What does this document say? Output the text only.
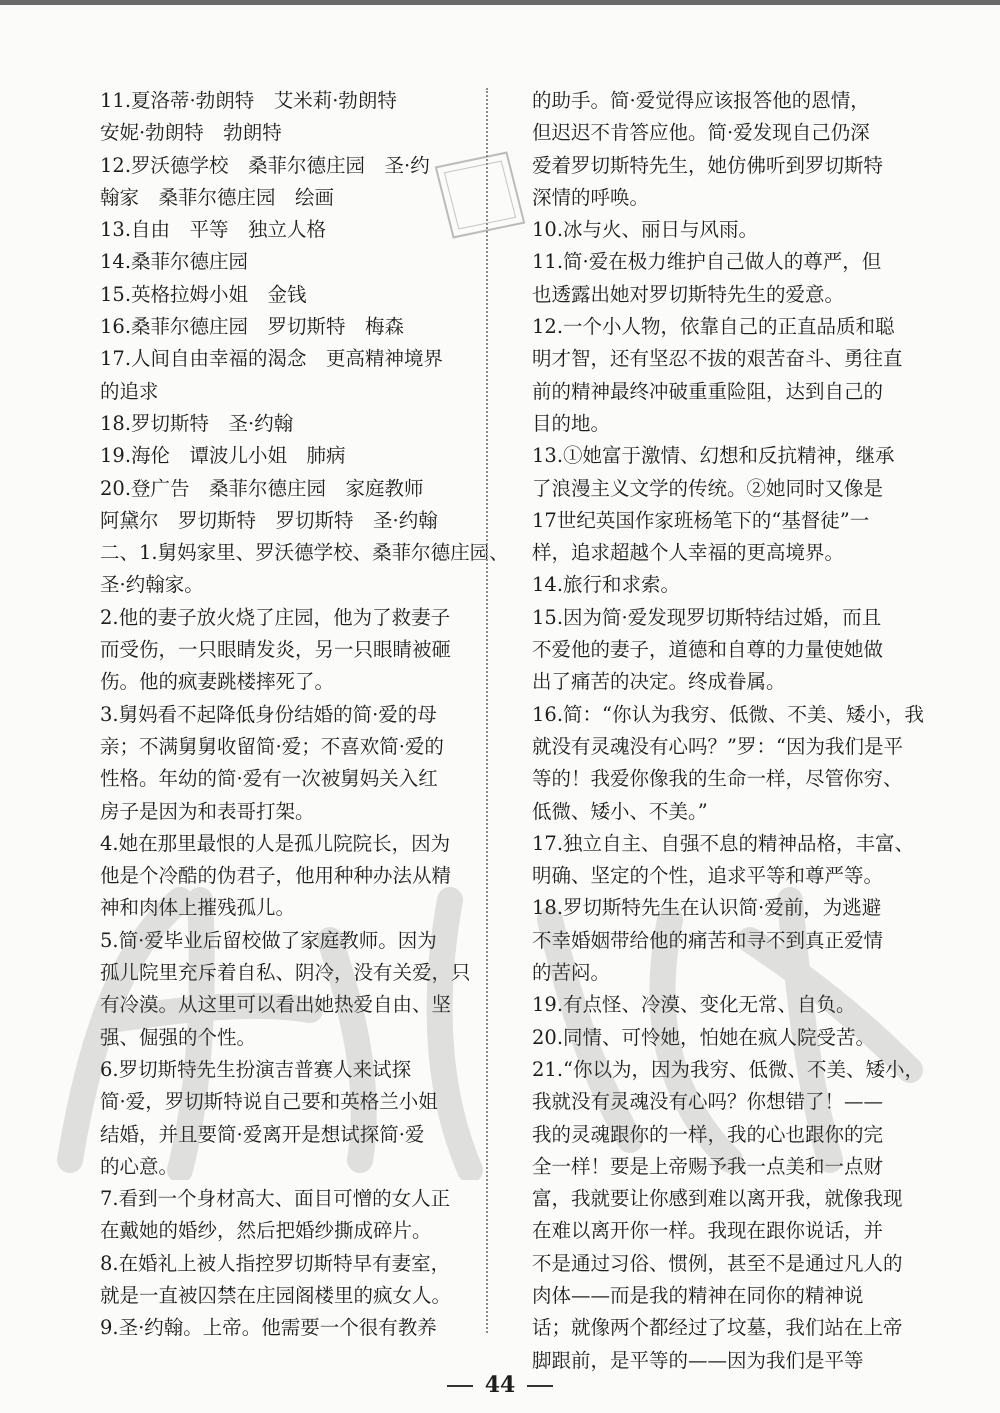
11.夏洛蒂·勃朗特　艾米莉·勃朗特
安妮·勃朗特　勃朗特
12.罗沃德学校　桑菲尔德庄园　圣·约
翰家　桑菲尔德庄园　绘画
13.自由　平等　独立人格
14.桑菲尔德庄园
15.英格拉姆小姐　金钱
16.桑菲尔德庄园　罗切斯特　梅森
17.人间自由幸福的渴念　更高精神境界
的追求
18.罗切斯特　圣·约翰
19.海伦　谭波儿小姐　肺病
20.登广告　桑菲尔德庄园　家庭教师
阿黛尔　罗切斯特　罗切斯特　圣·约翰
二、1.舅妈家里、罗沃德学校、桑菲尔德庄园、
圣·约翰家。
2.他的妻子放火烧了庄园，他为了救妻子
而受伤，一只眼睛发炎，另一只眼睛被砸
伤。他的疯妻跳楼摔死了。
3.舅妈看不起降低身份结婚的简·爱的母
亲；不满舅舅收留简·爱；不喜欢简·爱的
性格。年幼的简·爱有一次被舅妈关入红
房子是因为和表哥打架。
4.她在那里最恨的人是孤儿院院长，因为
他是个冷酷的伪君子，他用种种办法从精
神和肉体上摧残孤儿。
5.简·爱毕业后留校做了家庭教师。因为
孤儿院里充斥着自私、阴冷，没有关爱，只
有冷漠。从这里可以看出她热爱自由、坚
强、倔强的个性。
6.罗切斯特先生扮演吉普赛人来试探
简·爱，罗切斯特说自己要和英格兰小姐
结婚，并且要简·爱离开是想试探简·爱
的心意。
7.看到一个身材高大、面目可憎的女人正
在戴她的婚纱，然后把婚纱撕成碎片。
8.在婚礼上被人指控罗切斯特早有妻室，
就是一直被囚禁在庄园阁楼里的疯女人。
9.圣·约翰。上帝。他需要一个很有教养
的助手。简·爱觉得应该报答他的恩情，
但迟迟不肯答应他。简·爱发现自己仍深
爱着罗切斯特先生，她仿佛听到罗切斯特
深情的呼唤。
10.冰与火、丽日与风雨。
11.简·爱在极力维护自己做人的尊严，但
也透露出她对罗切斯特先生的爱意。
12.一个小人物，依靠自己的正直品质和聪
明才智，还有坚忍不拔的艰苦奋斗、勇往直
前的精神最终冲破重重险阻，达到自己的
目的地。
13.①她富于激情、幻想和反抗精神，继承
了浪漫主义文学的传统。②她同时又像是
17世纪英国作家班杨笔下的“基督徒”一
样，追求超越个人幸福的更高境界。
14.旅行和求索。
15.因为简·爱发现罗切斯特结过婚，而且
不爱他的妻子，道德和自尊的力量使她做
出了痛苦的决定。终成眷属。
16.简：“你认为我穷、低微、不美、矮小，我
就没有灵魂没有心吗？”罗：“因为我们是平
等的！我爱你像我的生命一样，尽管你穷、
低微、矮小、不美。”
17.独立自主、自强不息的精神品格，丰富、
明确、坚定的个性，追求平等和尊严等。
18.罗切斯特先生在认识简·爱前，为逃避
不幸婚姻带给他的痛苦和寻不到真正爱情
的苦闷。
19.有点怪、冷漠、变化无常、自负。
20.同情、可怜她，怕她在疯人院受苦。
21.“你以为，因为我穷、低微、不美、矮小，
我就没有灵魂没有心吗？你想错了！——
我的灵魂跟你的一样，我的心也跟你的完
全一样！要是上帝赐予我一点美和一点财
富，我就要让你感到难以离开我，就像我现
在难以离开你一样。我现在跟你说话，并
不是通过习俗、惯例，甚至不是通过凡人的
肉体——而是我的精神在同你的精神说
话；就像两个都经过了坟墓，我们站在上帝
脚跟前，是平等的——因为我们是平等
44
